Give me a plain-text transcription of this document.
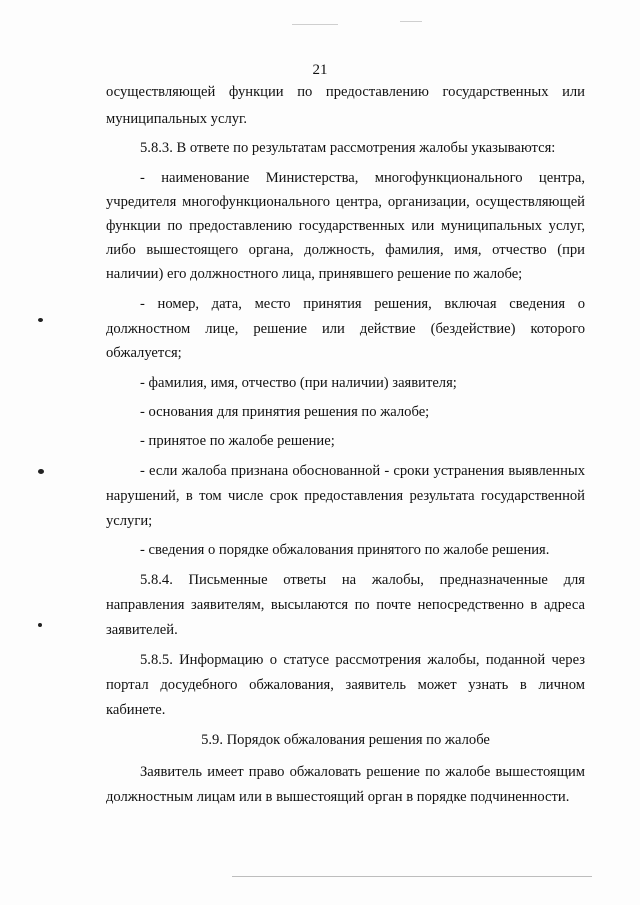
21
осуществляющей функции по предоставлению государственных или
муниципальных услуг.
5.8.3. В ответе по результатам рассмотрения жалобы указываются:
- наименование Министерства, многофункционального центра,
учредителя многофункционального центра, организации, осуществляющей
функции по предоставлению государственных или муниципальных услуг,
либо вышестоящего органа, должность, фамилия, имя, отчество (при
наличии) его должностного лица, принявшего решение по жалобе;
- номер, дата, место принятия решения, включая сведения о
должностном лице, решение или действие (бездействие) которого
обжалуется;
- фамилия, имя, отчество (при наличии) заявителя;
- основания для принятия решения по жалобе;
- принятое по жалобе решение;
- если жалоба признана обоснованной - сроки устранения выявленных
нарушений, в том числе срок предоставления результата государственной
услуги;
- сведения о порядке обжалования принятого по жалобе решения.
5.8.4. Письменные ответы на жалобы, предназначенные для
направления заявителям, высылаются по почте непосредственно в адреса
заявителей.
5.8.5. Информацию о статусе рассмотрения жалобы, поданной через
портал досудебного обжалования, заявитель может узнать в личном
кабинете.
5.9. Порядок обжалования решения по жалобе
Заявитель имеет право обжаловать решение по жалобе вышестоящим
должностным лицам или в вышестоящий орган в порядке подчиненности.
